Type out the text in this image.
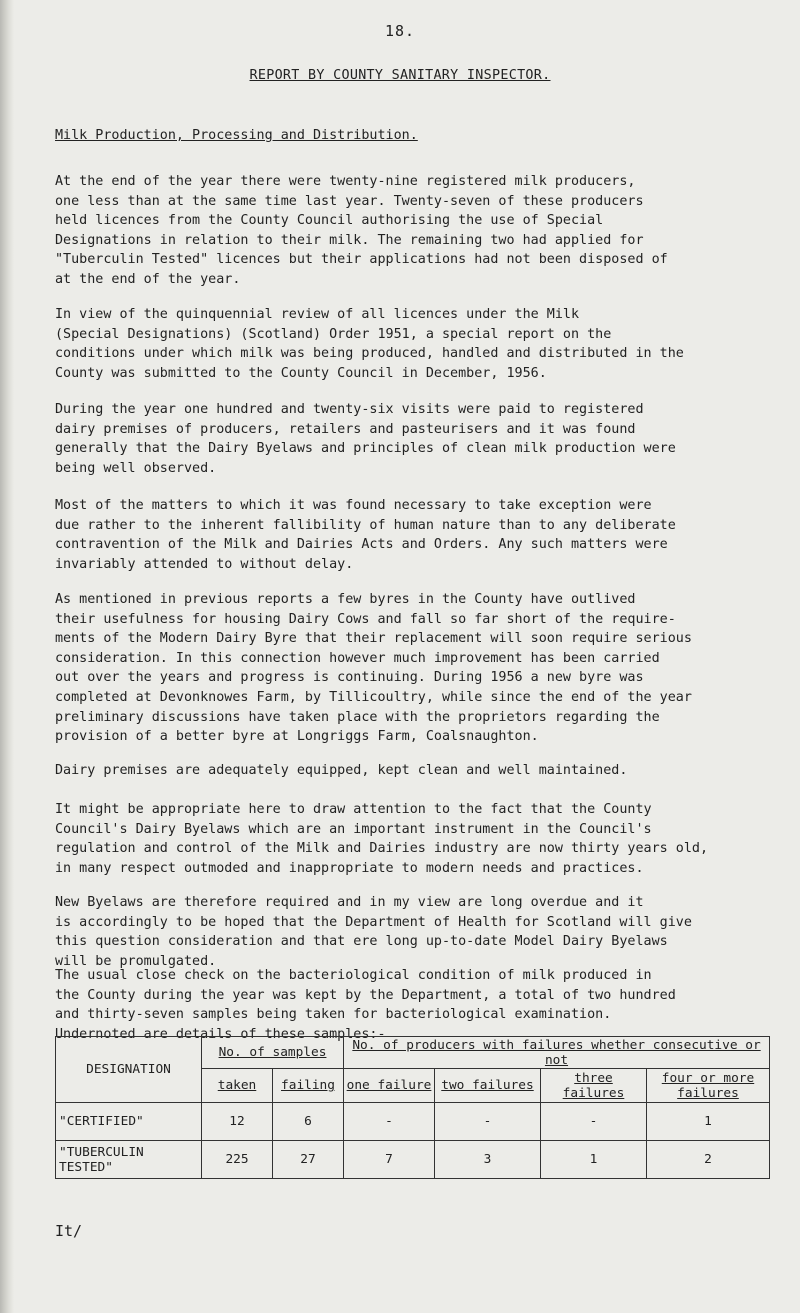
18.
REPORT BY COUNTY SANITARY INSPECTOR.
Milk Production, Processing and Distribution.
At the end of the year there were twenty-nine registered milk producers,
one less than at the same time last year. Twenty-seven of these producers
held licences from the County Council authorising the use of Special
Designations in relation to their milk. The remaining two had applied for
"Tuberculin Tested" licences but their applications had not been disposed of
at the end of the year.
In view of the quinquennial review of all licences under the Milk
(Special Designations) (Scotland) Order 1951, a special report on the
conditions under which milk was being produced, handled and distributed in the
County was submitted to the County Council in December, 1956.
During the year one hundred and twenty-six visits were paid to registered
dairy premises of producers, retailers and pasteurisers and it was found
generally that the Dairy Byelaws and principles of clean milk production were
being well observed.
Most of the matters to which it was found necessary to take exception were
due rather to the inherent fallibility of human nature than to any deliberate
contravention of the Milk and Dairies Acts and Orders. Any such matters were
invariably attended to without delay.
As mentioned in previous reports a few byres in the County have outlived
their usefulness for housing Dairy Cows and fall so far short of the require-
ments of the Modern Dairy Byre that their replacement will soon require serious
consideration. In this connection however much improvement has been carried
out over the years and progress is continuing. During 1956 a new byre was
completed at Devonknowes Farm, by Tillicoultry, while since the end of the year
preliminary discussions have taken place with the proprietors regarding the
provision of a better byre at Longriggs Farm, Coalsnaughton.
Dairy premises are adequately equipped, kept clean and well maintained.
It might be appropriate here to draw attention to the fact that the County
Council's Dairy Byelaws which are an important instrument in the Council's
regulation and control of the Milk and Dairies industry are now thirty years old,
in many respect outmoded and inappropriate to modern needs and practices.
New Byelaws are therefore required and in my view are long overdue and it
is accordingly to be hoped that the Department of Health for Scotland will give
this question consideration and that ere long up-to-date Model Dairy Byelaws
will be promulgated.
The usual close check on the bacteriological condition of milk produced in
the County during the year was kept by the Department, a total of two hundred
and thirty-seven samples being taken for bacteriological examination.
Undernoted are details of these samples:-
DESIGNATION	No. of samples		No. of producers with failures whether consecutive or not			
	taken	failing	one failure	two failures	three failures	four or more failures
"CERTIFIED"	12	6	-	-	-	1
"TUBERCULIN TESTED"	225	27	7	3	1	2
It/
